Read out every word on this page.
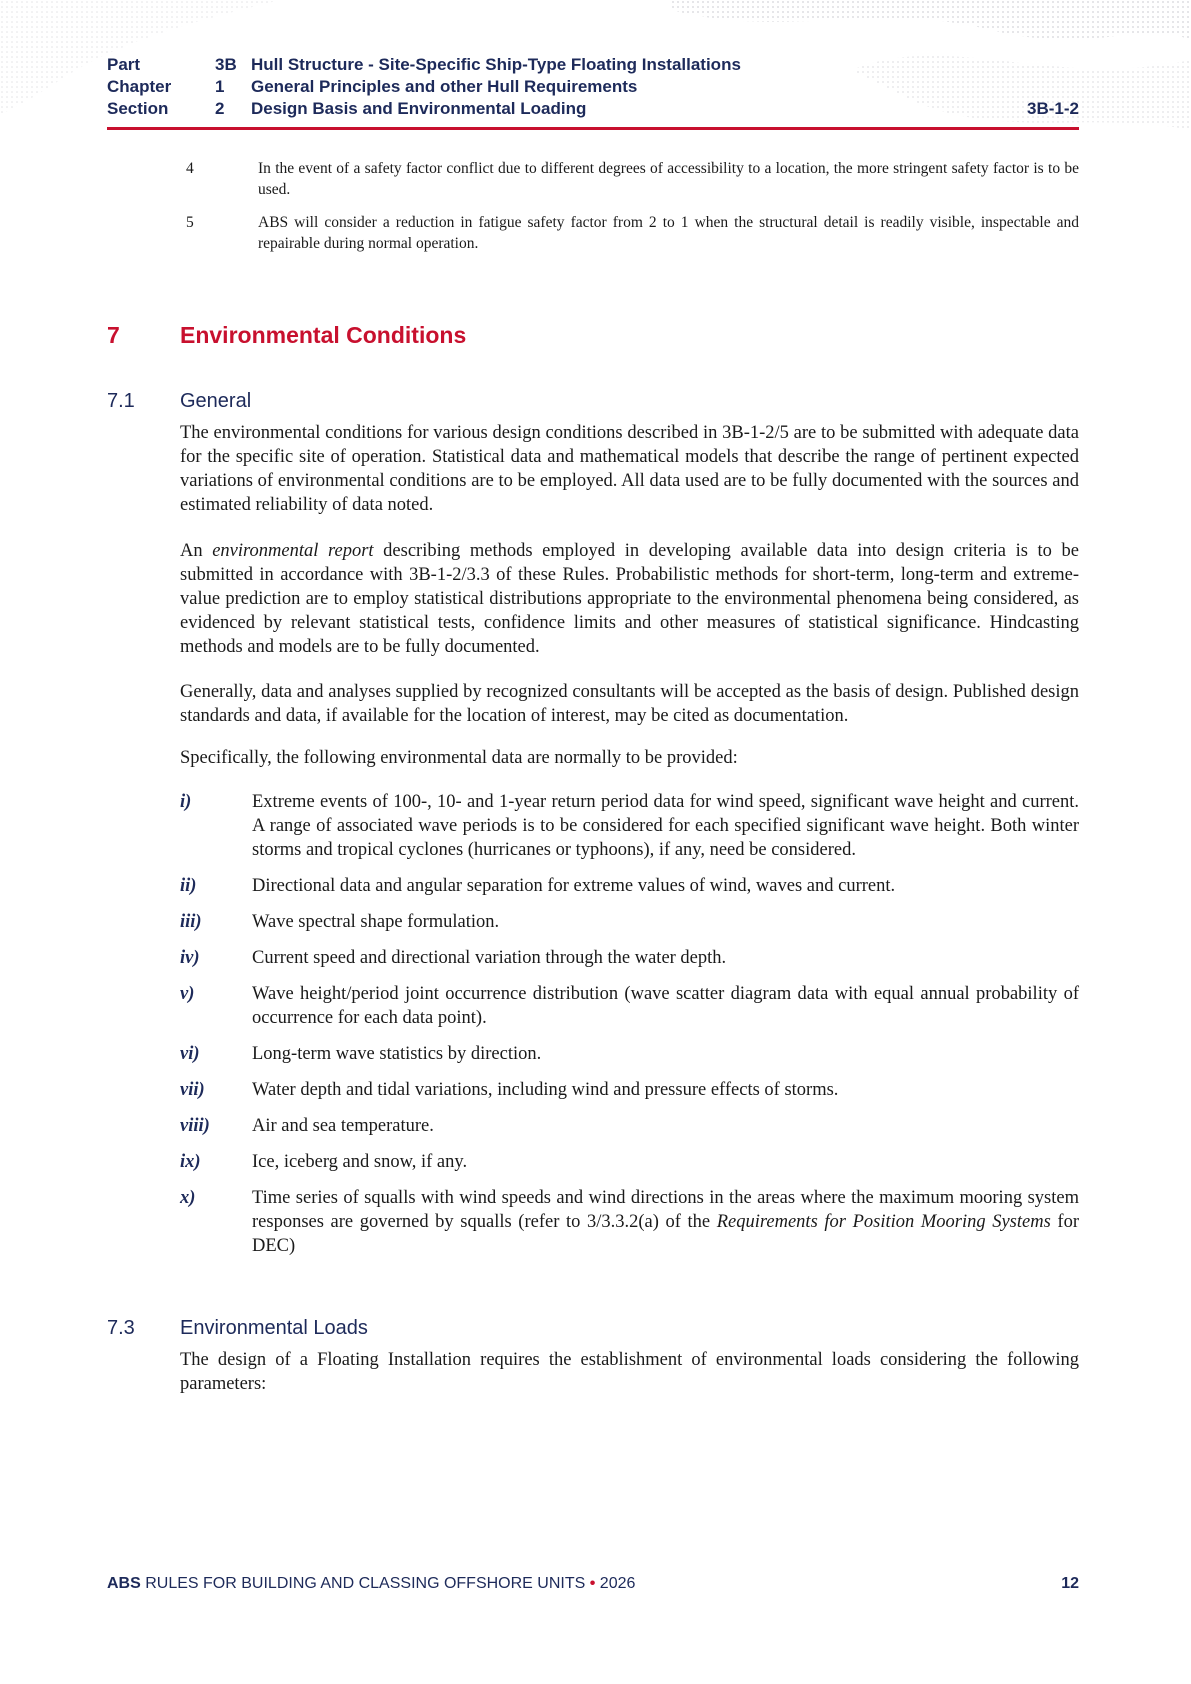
Part	3B Hull Structure - Site-Specific Ship-Type Floating Installations
Chapter	1 General Principles and other Hull Requirements
Section	2 Design Basis and Environmental Loading	3B-1-2
4	In the event of a safety factor conflict due to different degrees of accessibility to a location, the more stringent safety factor is to be used.
5	ABS will consider a reduction in fatigue safety factor from 2 to 1 when the structural detail is readily visible, inspectable and repairable during normal operation.
7	Environmental Conditions
7.1 General
The environmental conditions for various design conditions described in 3B-1-2/5 are to be submitted with adequate data for the specific site of operation. Statistical data and mathematical models that describe the range of pertinent expected variations of environmental conditions are to be employed. All data used are to be fully documented with the sources and estimated reliability of data noted.
An environmental report describing methods employed in developing available data into design criteria is to be submitted in accordance with 3B-1-2/3.3 of these Rules. Probabilistic methods for short-term, long-term and extreme-value prediction are to employ statistical distributions appropriate to the environmental phenomena being considered, as evidenced by relevant statistical tests, confidence limits and other measures of statistical significance. Hindcasting methods and models are to be fully documented.
Generally, data and analyses supplied by recognized consultants will be accepted as the basis of design. Published design standards and data, if available for the location of interest, may be cited as documentation.
Specifically, the following environmental data are normally to be provided:
i)	Extreme events of 100-, 10- and 1-year return period data for wind speed, significant wave height and current. A range of associated wave periods is to be considered for each specified significant wave height. Both winter storms and tropical cyclones (hurricanes or typhoons), if any, need be considered.
ii)	Directional data and angular separation for extreme values of wind, waves and current.
iii)	Wave spectral shape formulation.
iv)	Current speed and directional variation through the water depth.
v)	Wave height/period joint occurrence distribution (wave scatter diagram data with equal annual probability of occurrence for each data point).
vi)	Long-term wave statistics by direction.
vii)	Water depth and tidal variations, including wind and pressure effects of storms.
viii) Air and sea temperature.
ix)	Ice, iceberg and snow, if any.
x)	Time series of squalls with wind speeds and wind directions in the areas where the maximum mooring system responses are governed by squalls (refer to 3/3.3.2(a) of the Requirements for Position Mooring Systems for DEC)
7.3 Environmental Loads
The design of a Floating Installation requires the establishment of environmental loads considering the following parameters:
ABS RULES FOR BUILDING AND CLASSING OFFSHORE UNITS • 2026	12
